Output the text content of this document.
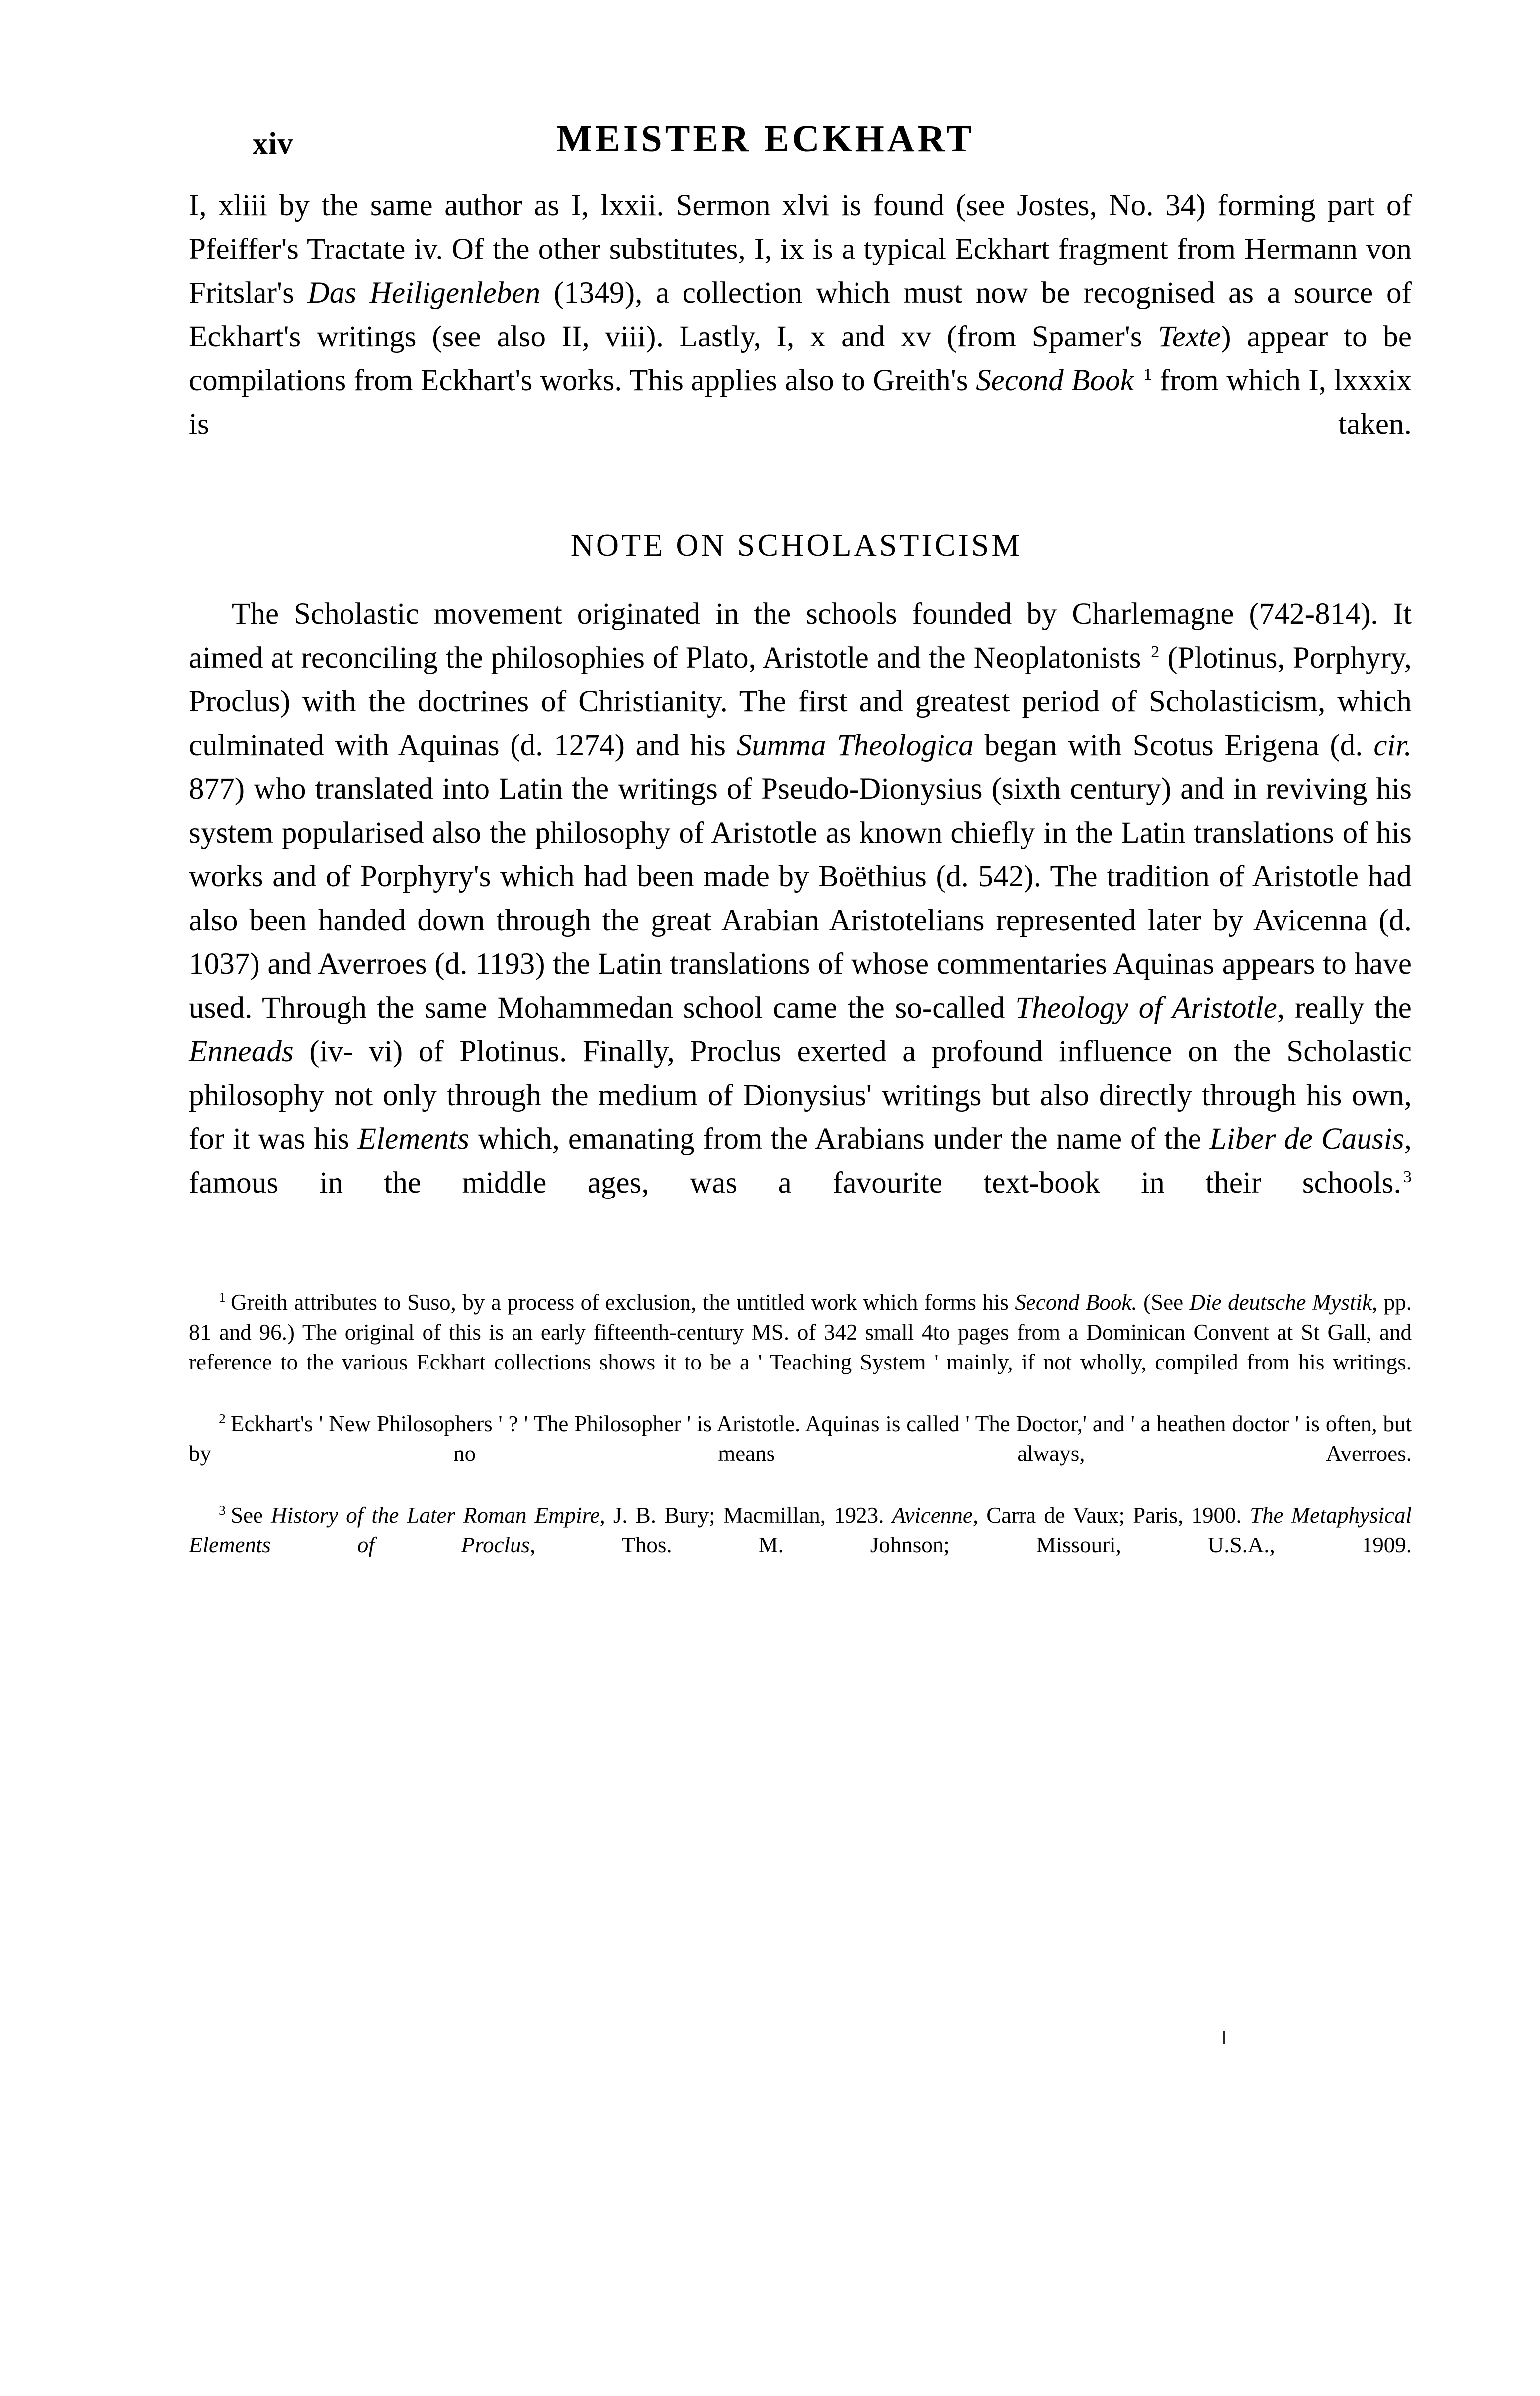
xiv	MEISTER ECKHART

I, xliii by the same author as I, lxxii. Sermon xlvi is found (see Jostes, No. 34) forming part of Pfeiffer's Tractate iv. Of the other substitutes, I, ix is a typical Eckhart fragment from Hermann von Fritslar's Das Heiligenleben (1349), a collection which must now be recognised as a source of Eckhart's writings (see also II, viii). Lastly, I, x and xv (from Spamer's Texte) appear to be compilations from Eckhart's works. This applies also to Greith's Second Book $^1$ from which I, lxxxix is taken.

NOTE ON SCHOLASTICISM

The Scholastic movement originated in the schools founded by Charlemagne (742-814). It aimed at reconciling the philosophies of Plato, Aristotle and the Neoplatonists $^2$ (Plotinus, Porphyry, Proclus) with the doctrines of Christianity. The first and greatest period of Scholasticism, which culminated with Aquinas (d. 1274) and his Summa Theologica began with Scotus Erigena (d. cir. 877) who translated into Latin the writings of Pseudo-Dionysius (sixth century) and in reviving his system popularised also the philosophy of Aristotle as known chiefly in the Latin translations of his works and of Porphyry's which had been made by Boëthius (d. 542). The tradition of Aristotle had also been handed down through the great Arabian Aristotelians represented later by Avicenna (d. 1037) and Averroes (d. 1193) the Latin translations of whose commentaries Aquinas appears to have used. Through the same Mohammedan school came the so-called Theology of Aristotle, really the Enneads (iv- vi) of Plotinus. Finally, Proclus exerted a profound influence on the Scholastic philosophy not only through the medium of Dionysius' writings but also directly through his own, for it was his Elements which, emanating from the Arabians under the name of the Liber de Causis, famous in the middle ages, was a favourite text-book in their schools. $^3$

$^1$ Greith attributes to Suso, by a process of exclusion, the untitled work which forms his Second Book. (See Die deutsche Mystik, pp. 81 and 96.) The original of this is an early fifteenth-century MS. of 342 small 4to pages from a Dominican Convent at St Gall, and reference to the various Eckhart collections shows it to be a ' Teaching System ' mainly, if not wholly, compiled from his writings.

$^2$ Eckhart's ' New Philosophers ' ? ' The Philosopher ' is Aristotle. Aquinas is called ' The Doctor,' and ' a heathen doctor ' is often, but by no means always, Averroes.

$^3$ See History of the Later Roman Empire, J. B. Bury; Macmillan, 1923. Avicenne, Carra de Vaux; Paris, 1900. The Metaphysical Elements of Proclus, Thos. M. Johnson; Missouri, U.S.A., 1909.
